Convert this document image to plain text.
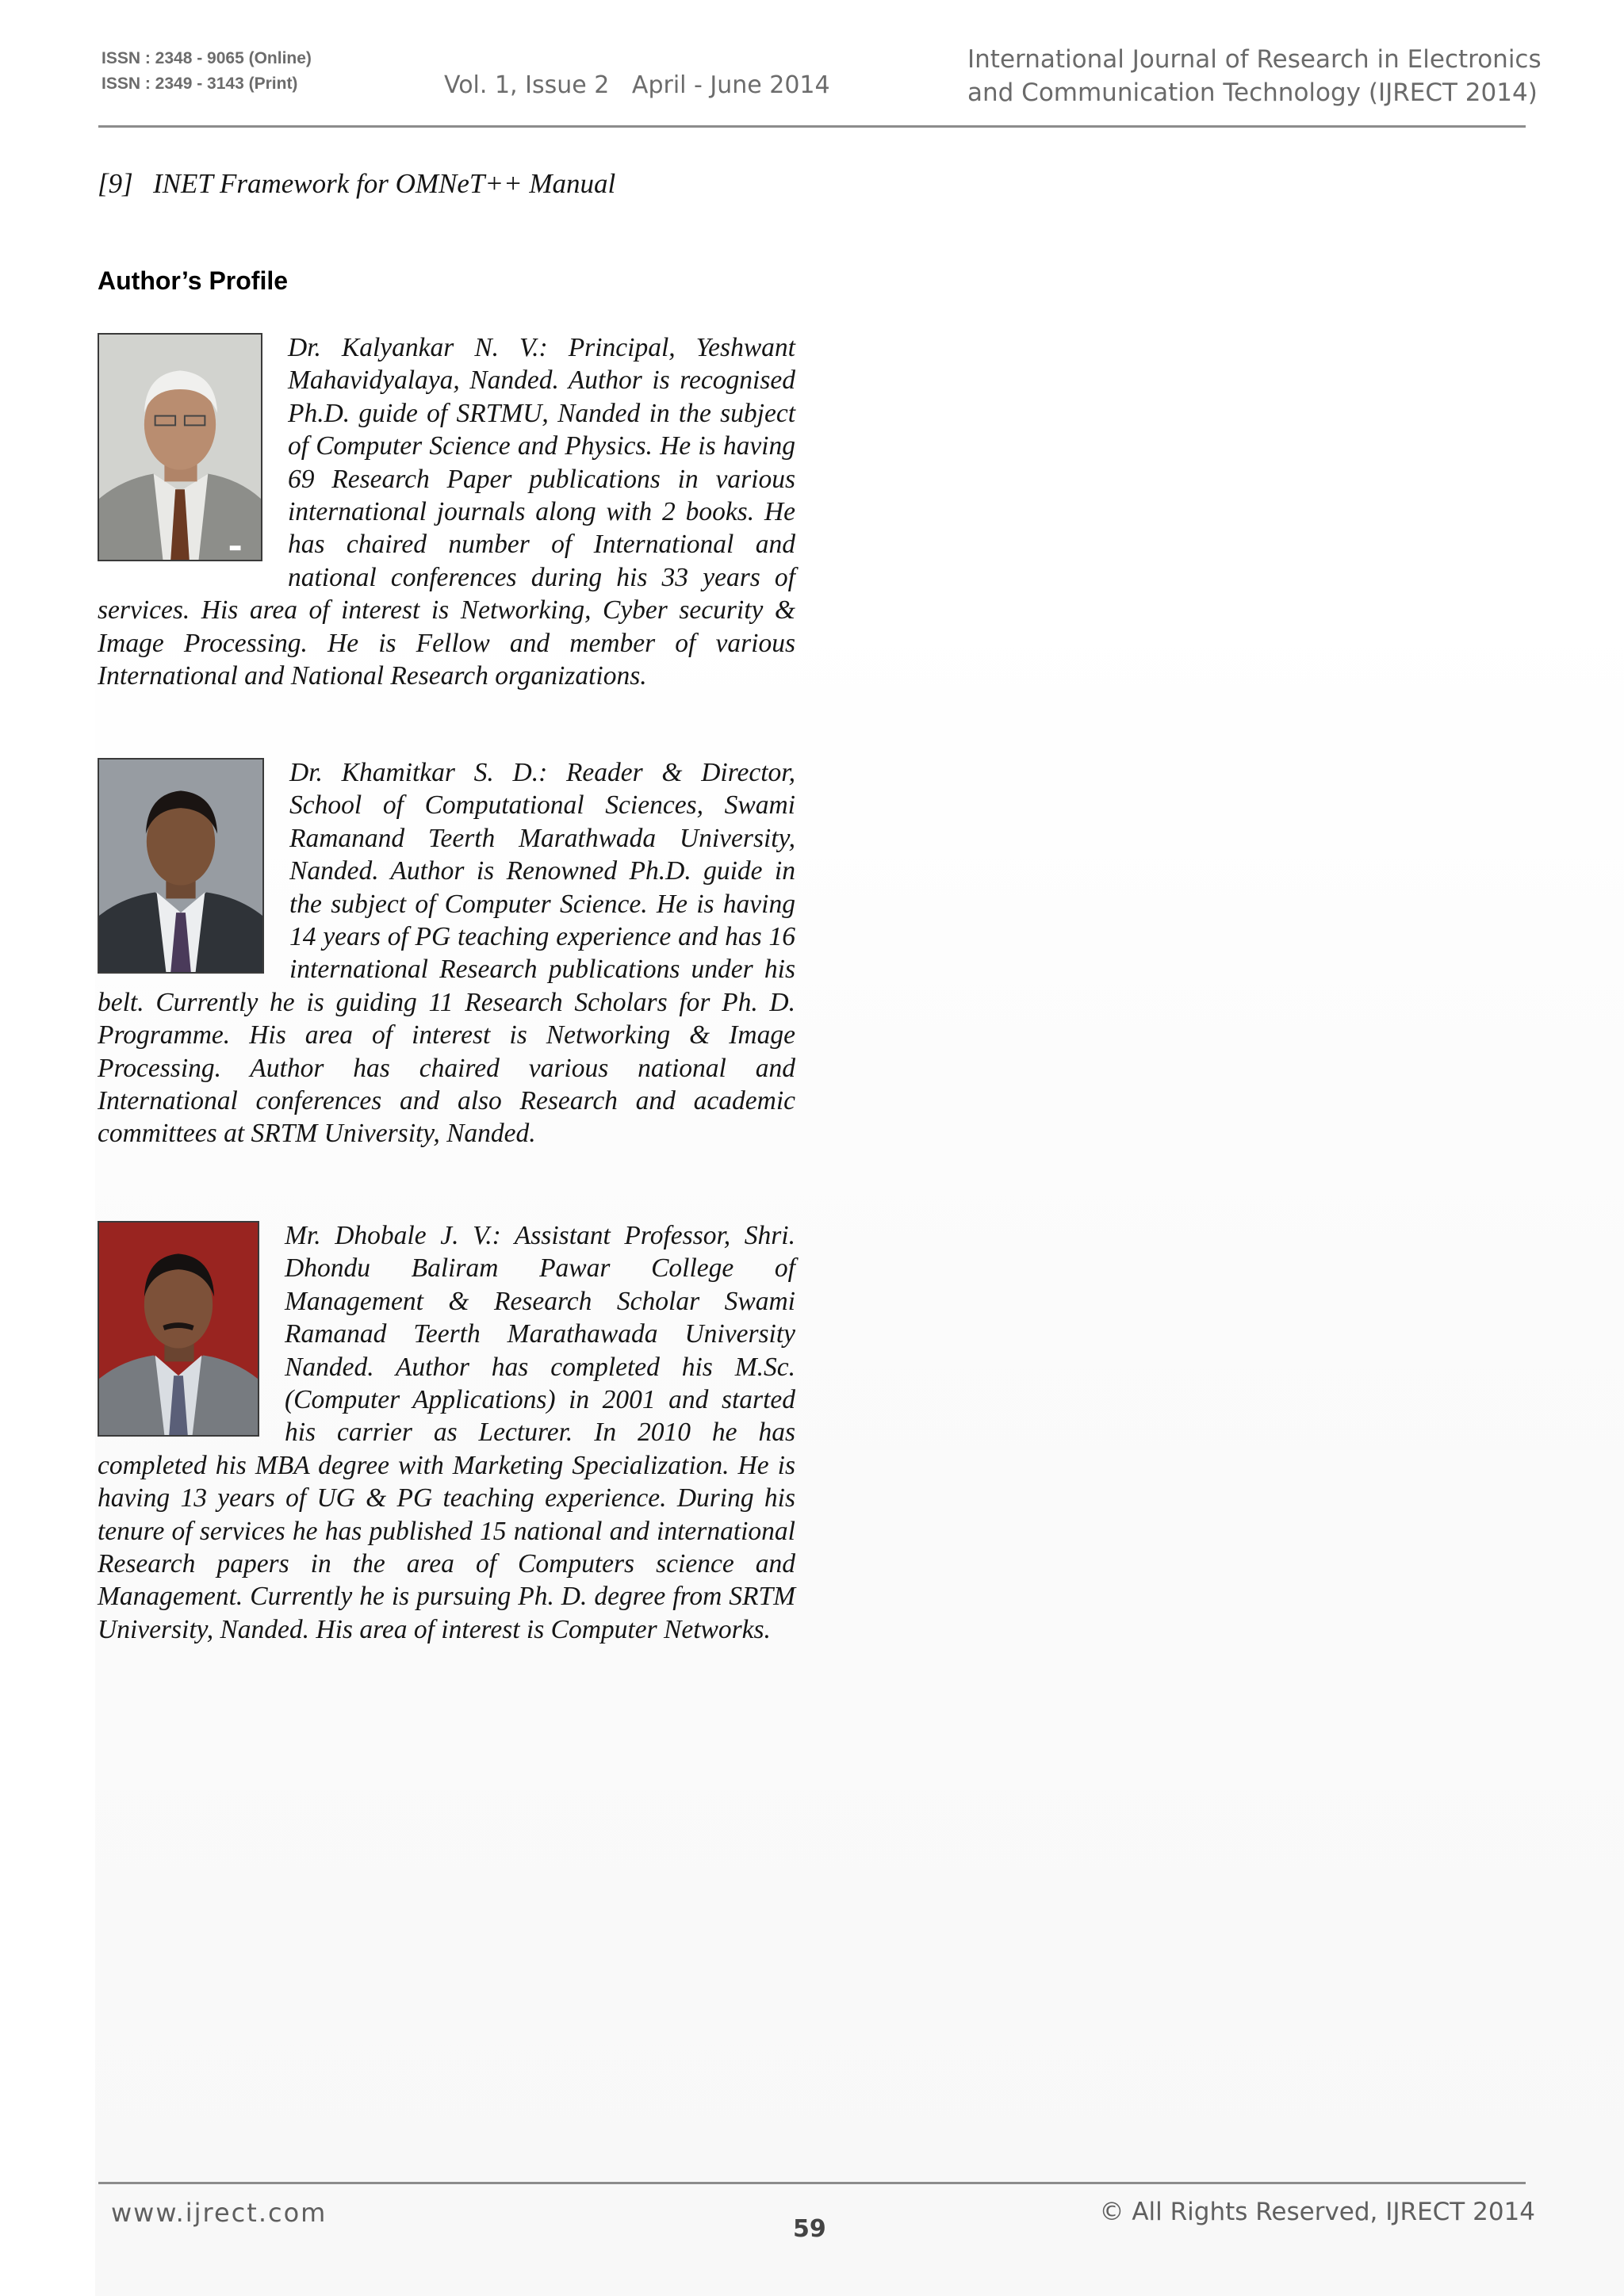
ISSN : 2348 - 9065 (Online)
ISSN : 2349 - 3143 (Print)	Vol. 1, Issue 2   April - June 2014
International Journal of Research in Electronics
and Communication Technology (IJRECT 2014)
[9] INET Framework for OMNeT++ Manual
Author’s Profile

Dr. Kalyankar N. V.: Principal, Yeshwant Mahavidyalaya, Nanded. Author is recognised Ph.D. guide of SRTMU, Nanded in the subject of Computer Science and Physics. He is having 69 Research Paper publications in various international journals along with 2 books. He has chaired number of International and national conferences during his 33 years of services. His area of interest is Networking, Cyber security & Image Processing. He is Fellow and member of various International and National Research organizations.

Dr. Khamitkar S. D.: Reader & Director, School of Computational Sciences, Swami Ramanand Teerth Marathwada University, Nanded. Author is Renowned Ph.D. guide in the subject of Computer Science. He is having 14 years of PG teaching experience and has 16 international Research publications under his belt. Currently he is guiding 11 Research Scholars for Ph. D. Programme. His area of interest is Networking & Image Processing. Author has chaired various national and International conferences and also Research and academic committees at SRTM University, Nanded.

Mr. Dhobale J. V.: Assistant Professor, Shri. Dhondu Baliram Pawar College of Management & Research Scholar Swami Ramanad Teerth Marathawada University Nanded. Author has completed his M.Sc. (Computer Applications) in 2001 and started his carrier as Lecturer. In 2010 he has completed his MBA degree with Marketing Specialization. He is having 13 years of UG & PG teaching experience. During his tenure of services he has published 15 national and international Research papers in the area of Computers science and Management. Currently he is pursuing Ph. D. degree from SRTM University, Nanded. His area of interest is Computer Networks.

www.ijrect.com
59
© All Rights Reserved, IJRECT 2014
